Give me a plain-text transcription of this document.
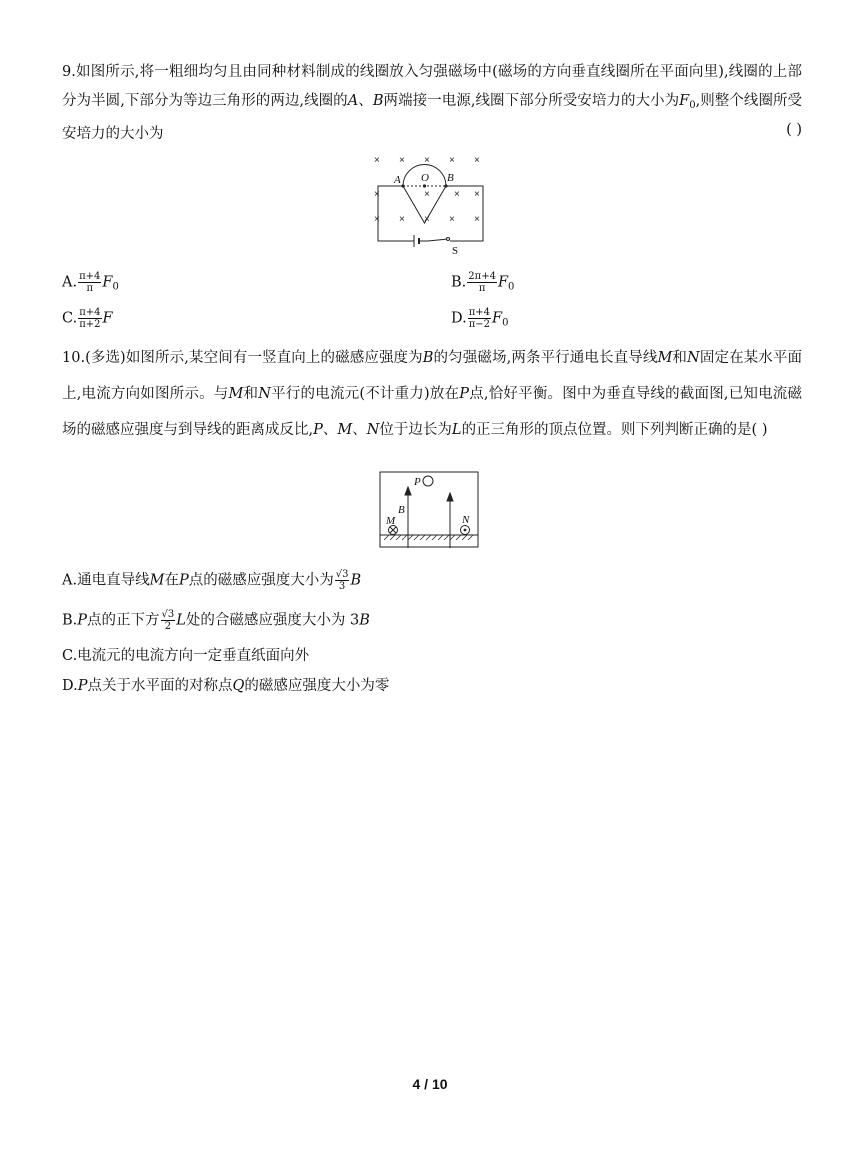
9.如图所示,将一粗细均匀且由同种材料制成的线圈放入匀强磁场中(磁场的方向垂直线圈所在平面向里),线圈的上部分为半圆,下部分为等边三角形的两边,线圈的A、B两端接一电源,线圈下部分所受安培力的大小为$F_0$,则整个线圈所受安培力的大小为	( )
× × × × ×
×	× ×
×
× × × × ×
A O B
S
A. $\frac{\pi+4}{\pi} F_0$	B. $\frac{2\pi+4}{\pi} F_0$
C. $\frac{\pi+4}{\pi+2}$ F	D. $\frac{\pi+4}{\pi-2} F_0$

10.(多选)如图所示,某空间有一竖直向上的磁感应强度为B的匀强磁场,两条平行通电长直导线M和N固定在某水平面上,电流方向如图所示。与M和N平行的电流元(不计重力)放在P点,恰好平衡。图中为垂直导线的截面图,已知电流磁场的磁感应强度与到导线的距离成反比,P、M、N位于边长为L的正三角形的顶点位置。则下列判断正确的是( )

P
B
M	N
A.通电直导线M在P点的磁感应强度大小为 $\frac{√3}{3}$ B
B.P点的正下方 $\frac{√3}{2}$ L处的合磁感应强度大小为 3B
C.电流元的电流方向一定垂直纸面向外
D.P点关于水平面的对称点Q的磁感应强度大小为零
4 / 10
